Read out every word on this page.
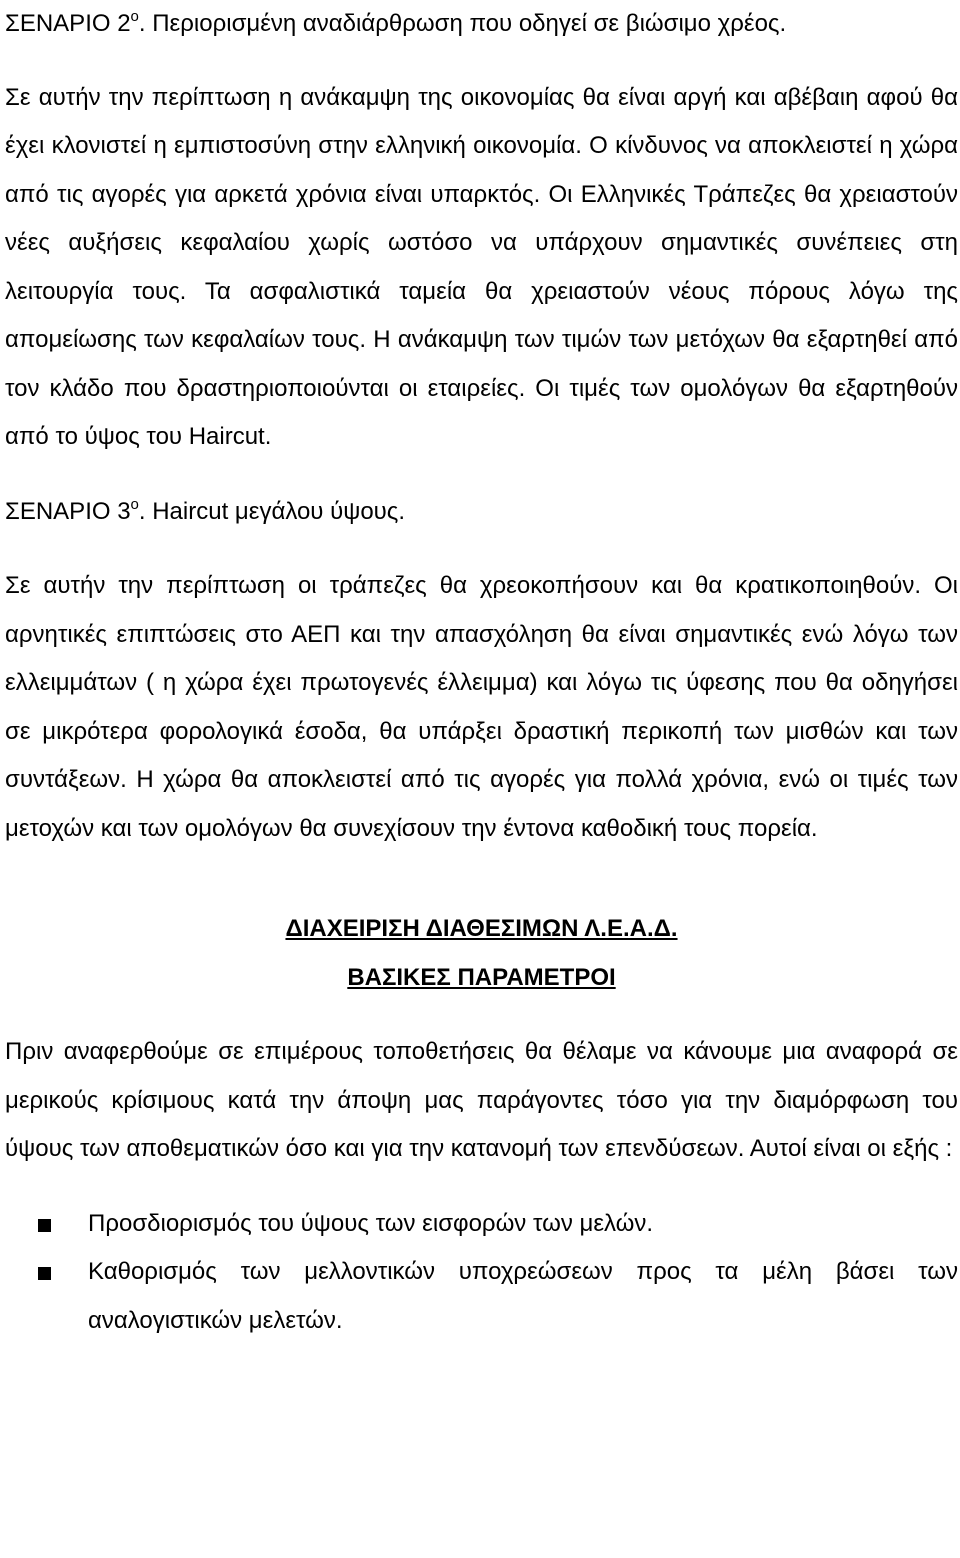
ΣΕΝΑΡΙΟ $2^o$. Περιορισμένη αναδιάρθρωση που οδηγεί σε βιώσιμο χρέος.

Σε αυτήν την περίπτωση η ανάκαμψη της οικονομίας θα είναι αργή και αβέβαιη αφού θα έχει κλονιστεί η εμπιστοσύνη στην ελληνική οικονομία. Ο κίνδυνος να αποκλειστεί η χώρα από τις αγορές για αρκετά χρόνια είναι υπαρκτός. Οι Ελληνικές Τράπεζες θα χρειαστούν νέες αυξήσεις κεφαλαίου χωρίς ωστόσο να υπάρχουν σημαντικές συνέπειες στη λειτουργία τους. Τα ασφαλιστικά ταμεία θα χρειαστούν νέους πόρους λόγω της απομείωσης των κεφαλαίων τους. Η ανάκαμψη των τιμών των μετόχων θα εξαρτηθεί από τον κλάδο που δραστηριοποιούνται οι εταιρείες. Οι τιμές των ομολόγων θα εξαρτηθούν από το ύψος του Haircut.

ΣΕΝΑΡΙΟ $3^o$. Haircut μεγάλου ύψους.

Σε αυτήν την περίπτωση οι τράπεζες θα χρεοκοπήσουν και θα κρατικοποιηθούν. Οι αρνητικές επιπτώσεις στο ΑΕΠ και την απασχόληση θα είναι σημαντικές ενώ λόγω των ελλειμμάτων ( η χώρα έχει πρωτογενές έλλειμμα) και λόγω τις ύφεσης που θα οδηγήσει σε μικρότερα φορολογικά έσοδα, θα υπάρξει δραστική περικοπή των μισθών και των συντάξεων. Η χώρα θα αποκλειστεί από τις αγορές για πολλά χρόνια, ενώ οι τιμές των μετοχών και των ομολόγων θα συνεχίσουν την έντονα καθοδική τους πορεία.

ΔΙΑΧΕΙΡΙΣΗ ΔΙΑΘΕΣΙΜΩΝ Λ.Ε.Α.Δ.

ΒΑΣΙΚΕΣ ΠΑΡΑΜΕΤΡΟΙ

Πριν αναφερθούμε σε επιμέρους τοποθετήσεις θα θέλαμε να κάνουμε μια αναφορά σε μερικούς κρίσιμους κατά την άποψη μας παράγοντες τόσο για την διαμόρφωση του ύψους των αποθεματικών όσο και για την κατανομή των επενδύσεων. Αυτοί είναι οι εξής :

Προσδιορισμός του ύψους των εισφορών των μελών.
Καθορισμός των μελλοντικών υποχρεώσεων προς τα μέλη βάσει των αναλογιστικών μελετών.
